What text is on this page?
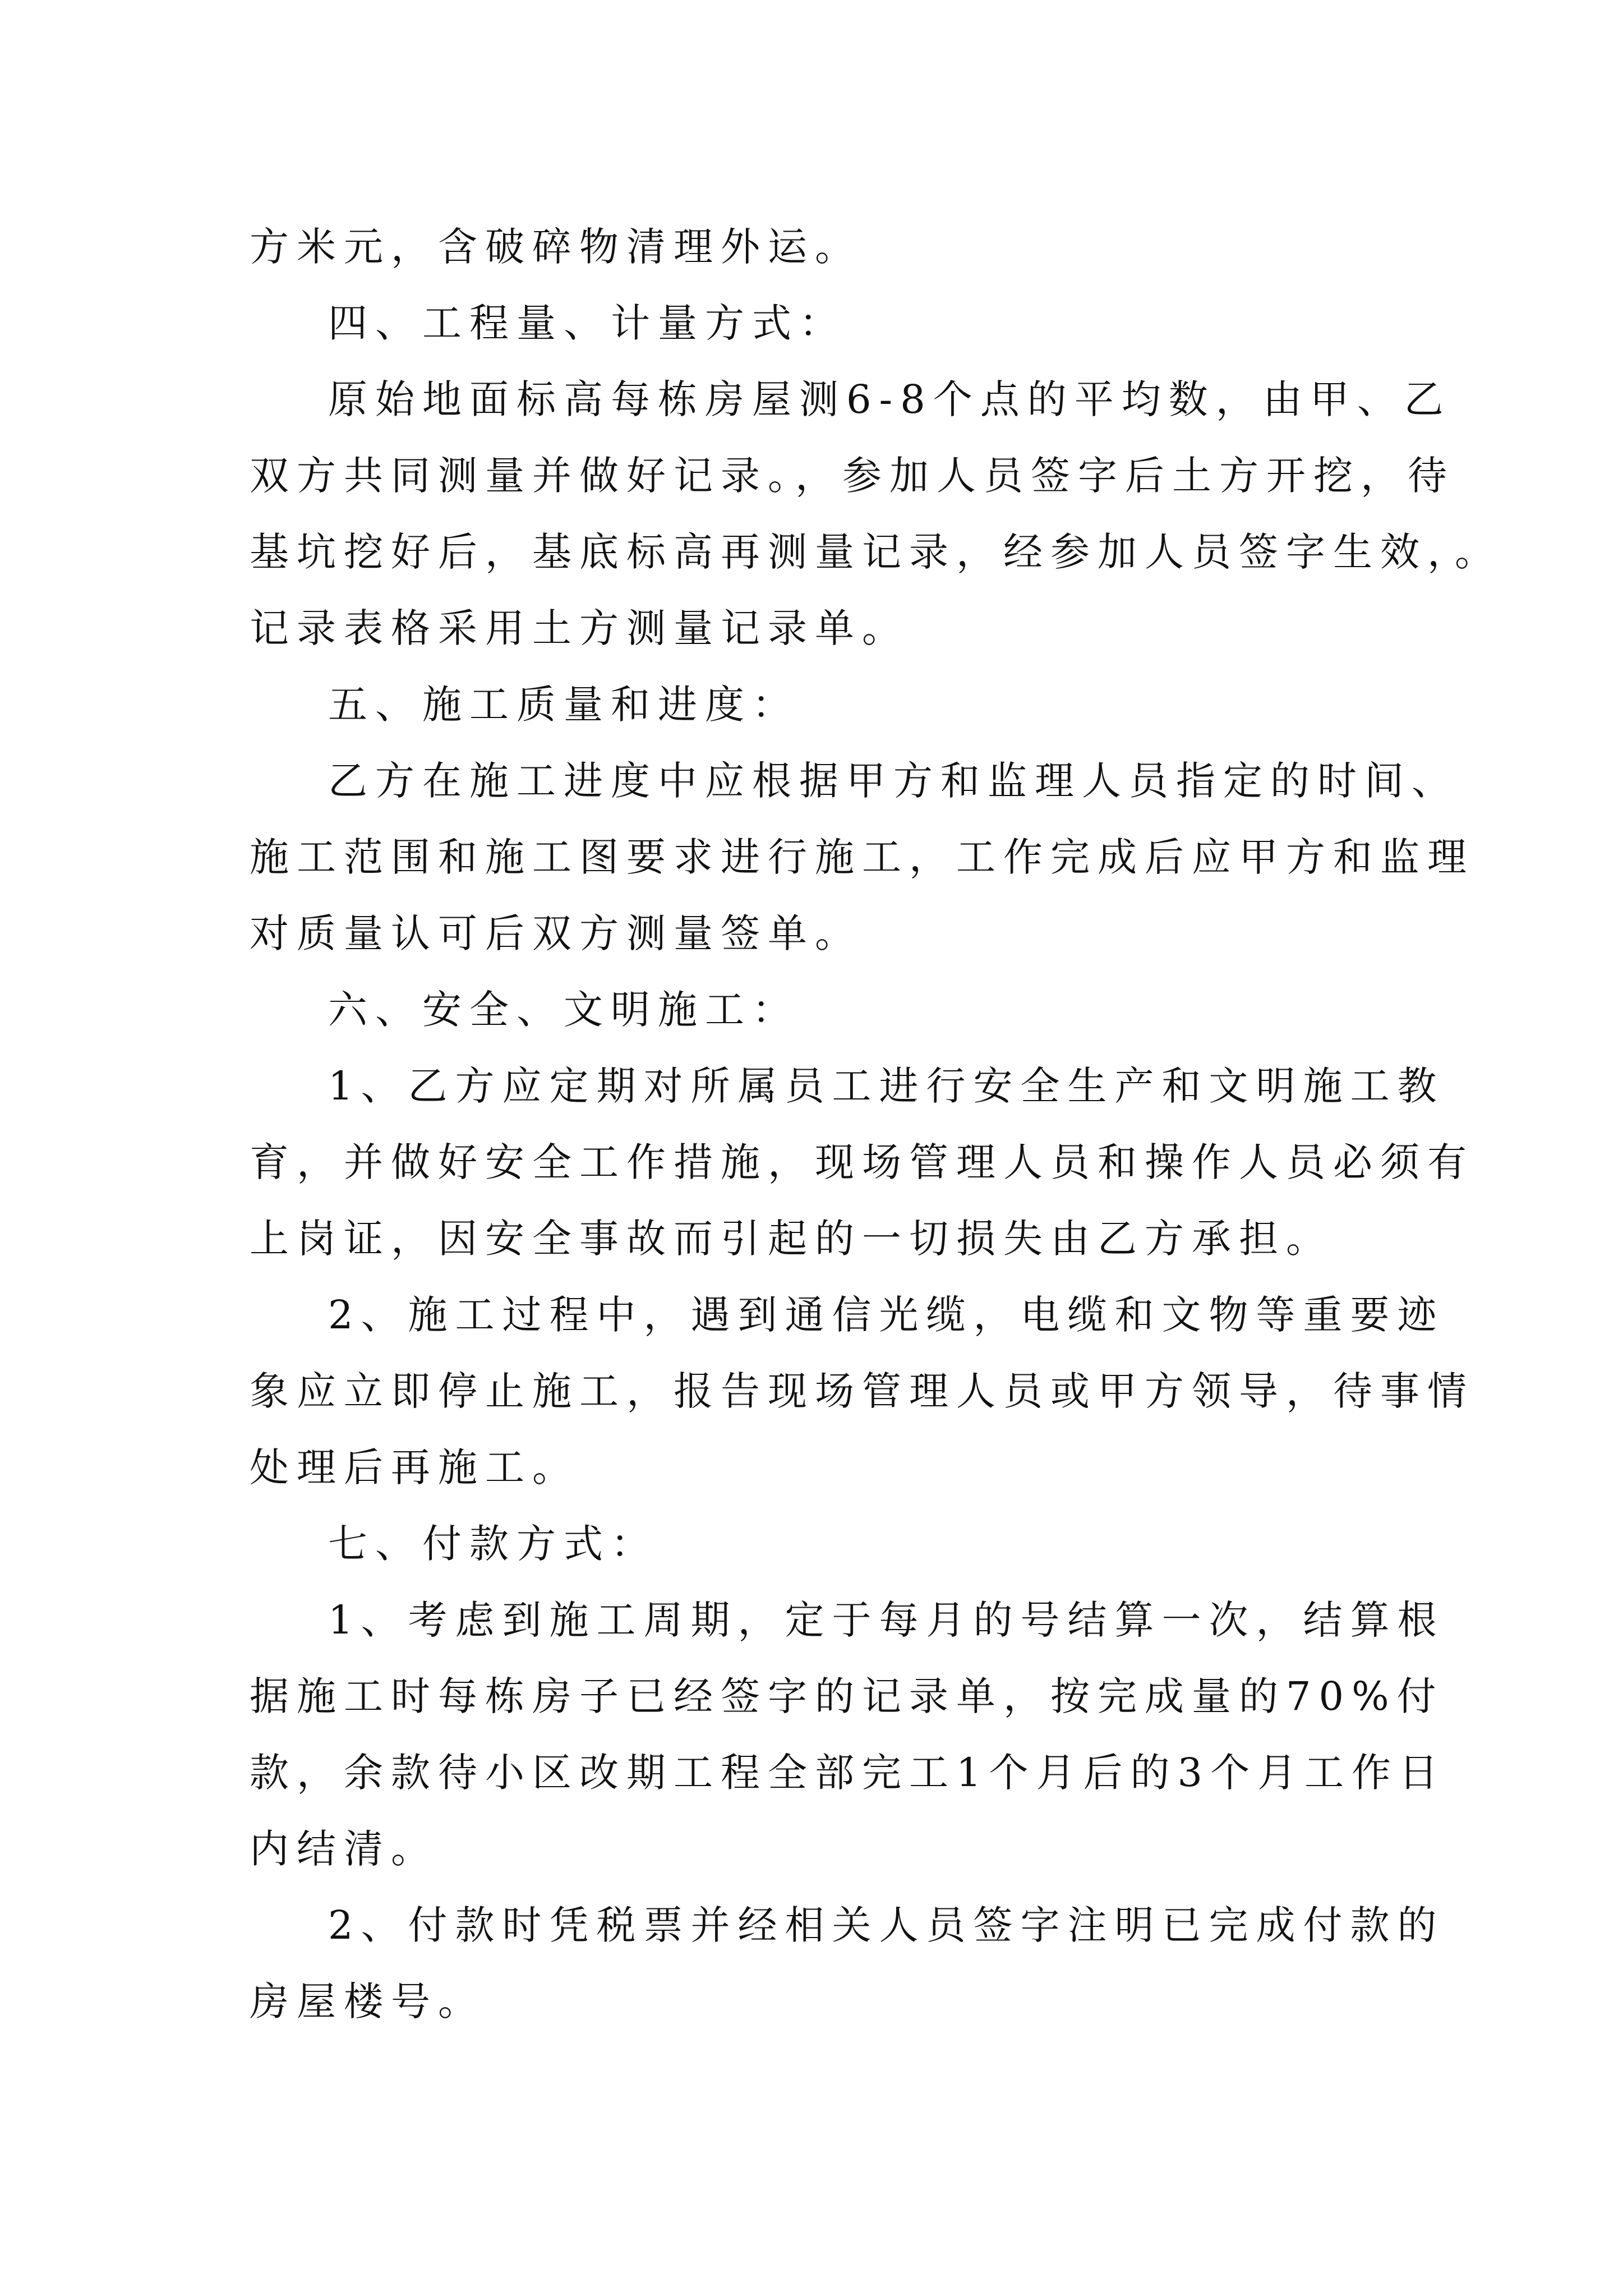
方米元，含破碎物清理外运。
四、工程量、计量方式：
原始地面标高每栋房屋测6-8个点的平均数，由甲、乙
双方共同测量并做好记录。，参加人员签字后土方开挖，待
基坑挖好后，基底标高再测量记录，经参加人员签字生效，。
记录表格采用土方测量记录单。
五、施工质量和进度：
乙方在施工进度中应根据甲方和监理人员指定的时间、
施工范围和施工图要求进行施工，工作完成后应甲方和监理
对质量认可后双方测量签单。
六、安全、文明施工：
1、乙方应定期对所属员工进行安全生产和文明施工教
育，并做好安全工作措施，现场管理人员和操作人员必须有
上岗证，因安全事故而引起的一切损失由乙方承担。
2、施工过程中，遇到通信光缆，电缆和文物等重要迹
象应立即停止施工，报告现场管理人员或甲方领导，待事情
处理后再施工。
七、付款方式：
1、考虑到施工周期，定于每月的号结算一次，结算根
据施工时每栋房子已经签字的记录单，按完成量的70%付
款，余款待小区改期工程全部完工1个月后的3个月工作日
内结清。
2、付款时凭税票并经相关人员签字注明已完成付款的
房屋楼号。
